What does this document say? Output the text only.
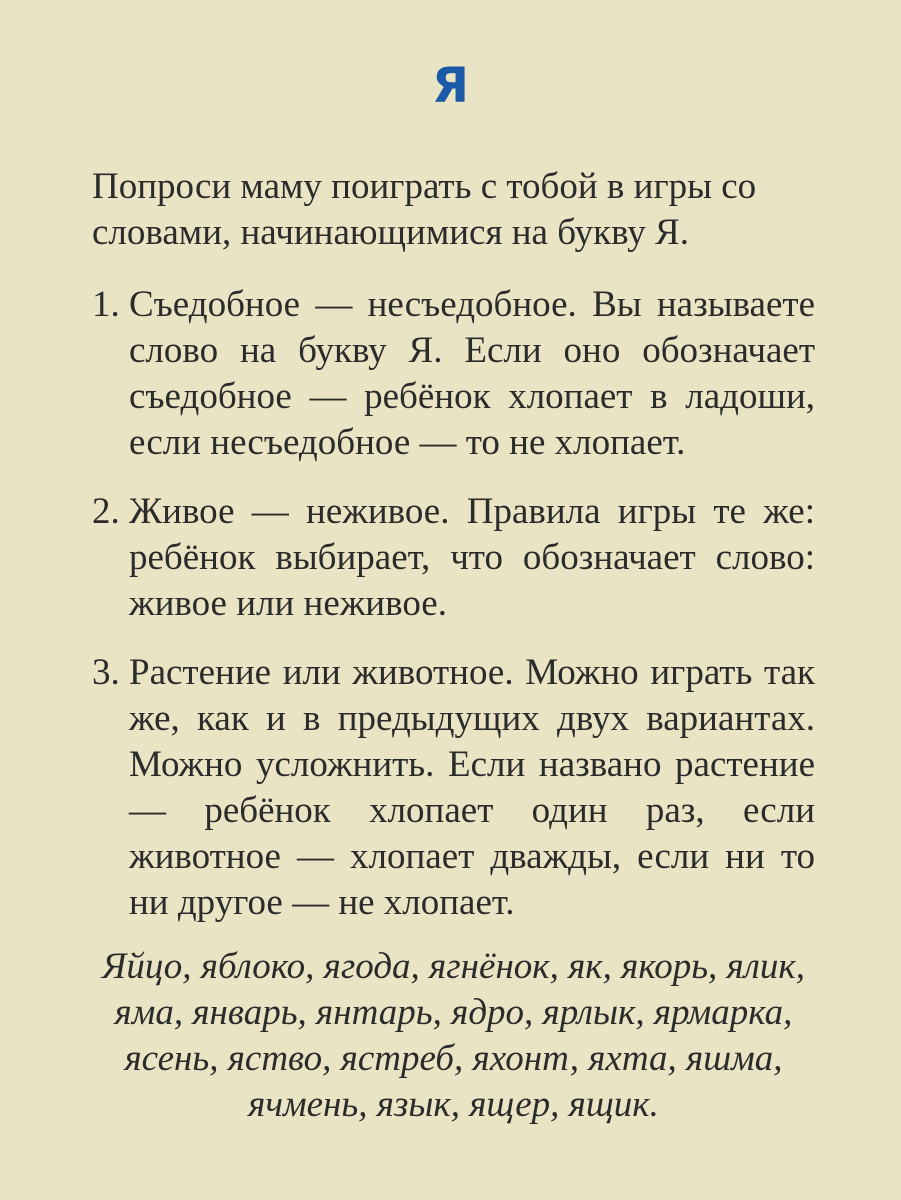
Я

Попроси маму поиграть с тобой в игры со словами, начинающимися на букву Я.

1. Съедобное — несъедобное. Вы называете слово на букву Я. Если оно обозначает съедобное — ребёнок хлопает в ладоши, если несъедобное — то не хлопает.
2. Живое — неживое. Правила игры те же: ребёнок выбирает, что обозначает слово: живое или неживое.
3. Растение или животное. Можно играть так же, как и в предыдущих двух вариантах. Можно усложнить. Если названо растение — ребёнок хлопает один раз, если животное — хлопает дважды, если ни то ни другое — не хлопает.

Яйцо, яблоко, ягода, ягнёнок, як, якорь, ялик, яма, январь, янтарь, ядро, ярлык, ярмарка, ясень, яство, ястреб, яхонт, яхта, яшма, ячмень, язык, ящер, ящик.
